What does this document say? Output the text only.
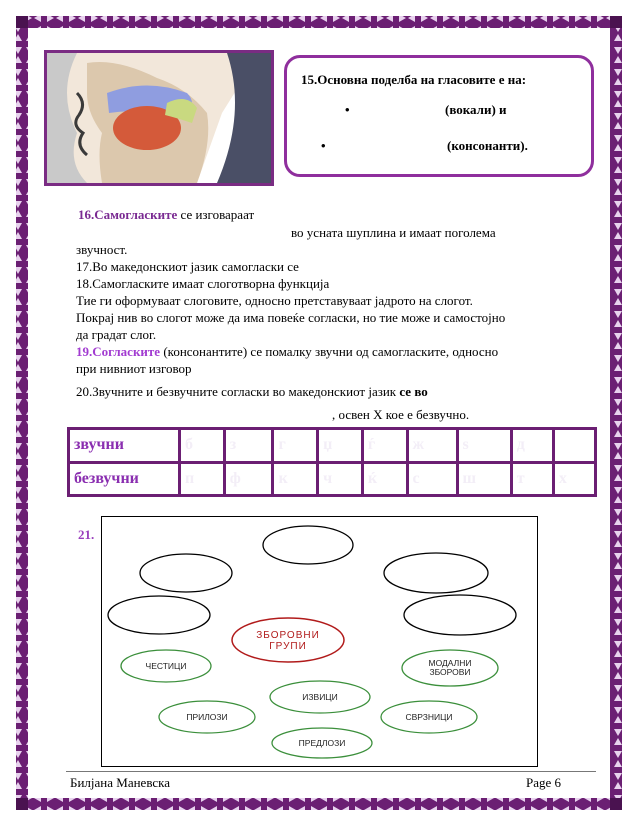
15.Основна поделба на гласовите е на:
•	(вокали) и
•	(консонанти).
16.Самогласките се изговараат
во усната шуплина и имаат поголема
звучност.
17.Во македонскиот јазик самогласки се
18.Самогласките имаат слоготворна функција
Тие ги оформуваат слоговите, односно претставуваат јадрото на слогот.
Покрај нив во слогот може да има повеќе согласки, но тие може и самостојно
да градат слог.
19.Согласките (консонантите) се помалку звучни од самогласките, односно
при нивниот изговор
20.Звучните и безвучните согласки во македонскиот јазик се во
, освен Х кое е безвучно.
звучни	б	з	г	џ	ѓ	ж	ѕ	д	
безвучни	п	ф	к	ч	ќ	с	ш	т	х
21.
ЗБОРОВНИ
ГРУПИ
ЧЕСТИЦИ	МОДАЛНИ
ЗБОРОВИ
ИЗВИЦИ
ПРИЛОЗИ	СВРЗНИЦИ
ПРЕДЛОЗИ
Билјана Маневска	Page 6
